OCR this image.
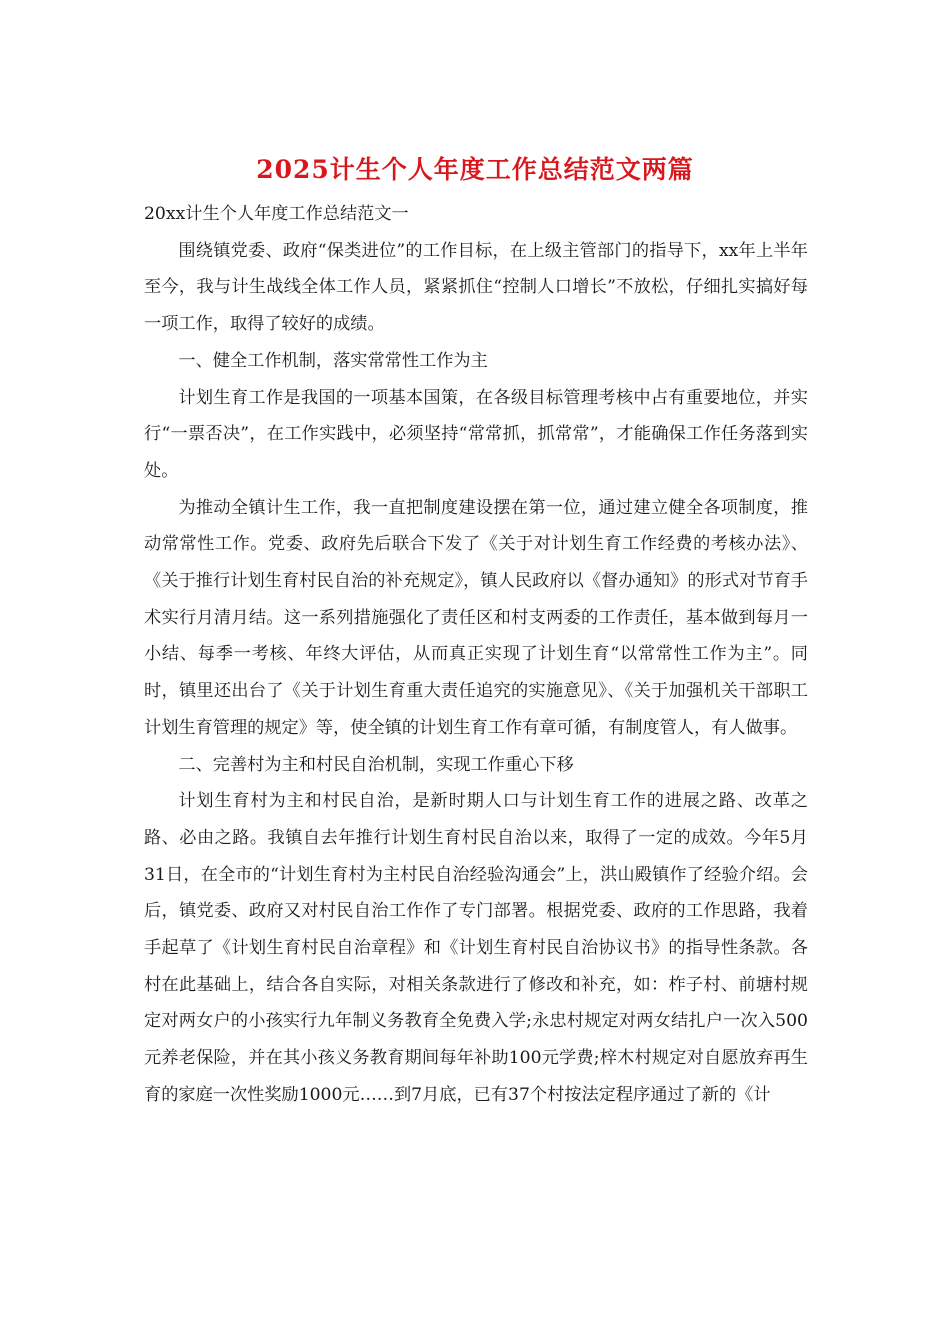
2025计生个人年度工作总结范文两篇

20xx计生个人年度工作总结范文一

围绕镇党委、政府“保类进位”的工作目标，在上级主管部门的指导下，xx年上半年至今，我与计生战线全体工作人员，紧紧抓住“控制人口增长”不放松，仔细扎实搞好每一项工作，取得了较好的成绩。

一、健全工作机制，落实常常性工作为主

计划生育工作是我国的一项基本国策，在各级目标管理考核中占有重要地位，并实行“一票否决”，在工作实践中，必须坚持“常常抓，抓常常”，才能确保工作任务落到实处。

为推动全镇计生工作，我一直把制度建设摆在第一位，通过建立健全各项制度，推动常常性工作。党委、政府先后联合下发了《关于对计划生育工作经费的考核办法》、《关于推行计划生育村民自治的补充规定》，镇人民政府以《督办通知》的形式对节育手术实行月清月结。这一系列措施强化了责任区和村支两委的工作责任，基本做到每月一小结、每季一考核、年终大评估，从而真正实现了计划生育“以常常性工作为主”。同时，镇里还出台了《关于计划生育重大责任追究的实施意见》、《关于加强机关干部职工计划生育管理的规定》等，使全镇的计划生育工作有章可循，有制度管人，有人做事。

二、完善村为主和村民自治机制，实现工作重心下移

计划生育村为主和村民自治，是新时期人口与计划生育工作的进展之路、改革之路、必由之路。我镇自去年推行计划生育村民自治以来，取得了一定的成效。今年5月31日，在全市的“计划生育村为主村民自治经验沟通会”上，洪山殿镇作了经验介绍。会后，镇党委、政府又对村民自治工作作了专门部署。根据党委、政府的工作思路，我着手起草了《计划生育村民自治章程》和《计划生育村民自治协议书》的指导性条款。各村在此基础上，结合各自实际，对相关条款进行了修改和补充，如：柞子村、前塘村规定对两女户的小孩实行九年制义务教育全免费入学;永忠村规定对两女结扎户一次入500元养老保险，并在其小孩义务教育期间每年补助100元学费;梓木村规定对自愿放弃再生育的家庭一次性奖励1000元……到7月底，已有37个村按法定程序通过了新的《计
